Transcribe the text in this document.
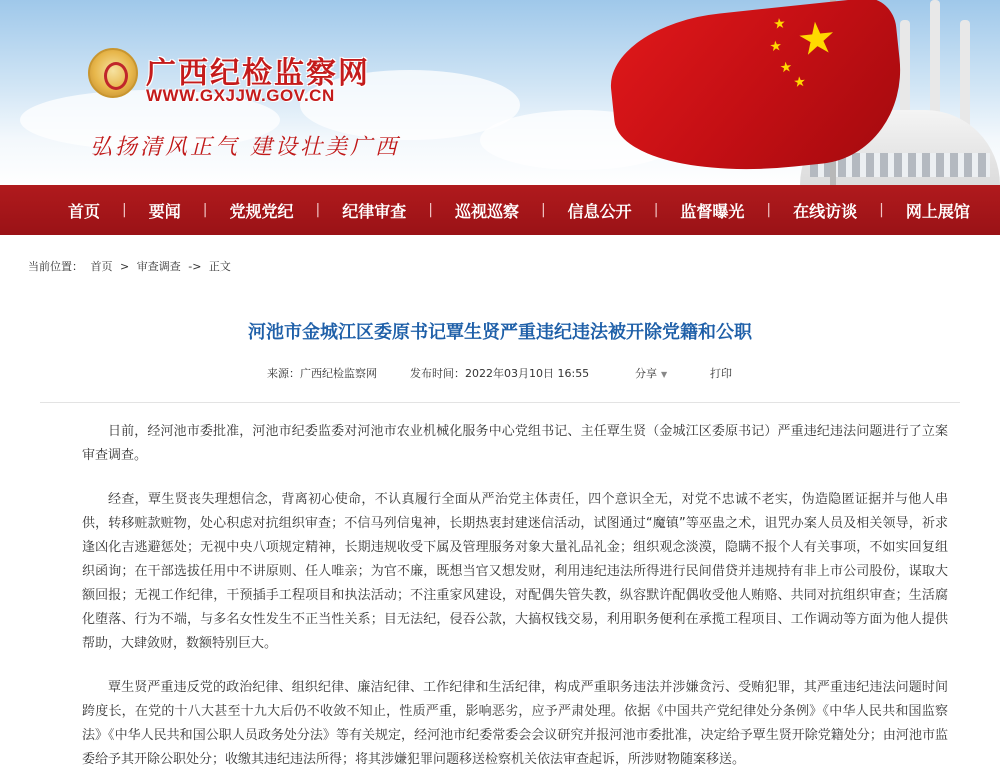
广西纪检监察网
WWW.GXJJW.GOV.CN
弘扬清风正气 建设壮美广西
★
★
★
★
★
首页	|	要闻	|	党规党纪	|	纪律审查	|	巡视巡察	|	信息公开	|	监督曝光	|	在线访谈	|	网上展馆
当前位置： 首页 > 审查调查 -> 正文
河池市金城江区委原书记覃生贤严重违纪违法被开除党籍和公职
来源：广西纪检监察网	发布时间：2022年03月10日 16:55	分享 ▼	打印

日前，经河池市委批准，河池市纪委监委对河池市农业机械化服务中心党组书记、主任覃生贤（金城江区委原书记）严重违纪违法问题进行了立案审查调查。

经查，覃生贤丧失理想信念，背离初心使命，不认真履行全面从严治党主体责任，四个意识全无，对党不忠诚不老实，伪造隐匿证据并与他人串供，转移赃款赃物，处心积虑对抗组织审查；不信马列信鬼神，长期热衷封建迷信活动，试图通过“魔镇”等巫蛊之术，诅咒办案人员及相关领导，祈求逢凶化吉逃避惩处；无视中央八项规定精神，长期违规收受下属及管理服务对象大量礼品礼金；组织观念淡漠，隐瞒不报个人有关事项，不如实回复组织函询；在干部选拔任用中不讲原则、任人唯亲；为官不廉，既想当官又想发财，利用违纪违法所得进行民间借贷并违规持有非上市公司股份，谋取大额回报；无视工作纪律，干预插手工程项目和执法活动；不注重家风建设，对配偶失管失教，纵容默许配偶收受他人贿赂、共同对抗组织审查；生活腐化堕落、行为不端，与多名女性发生不正当性关系；目无法纪，侵吞公款，大搞权钱交易，利用职务便利在承揽工程项目、工作调动等方面为他人提供帮助，大肆敛财，数额特别巨大。

覃生贤严重违反党的政治纪律、组织纪律、廉洁纪律、工作纪律和生活纪律，构成严重职务违法并涉嫌贪污、受贿犯罪，其严重违纪违法问题时间跨度长，在党的十八大甚至十九大后仍不收敛不知止，性质严重，影响恶劣，应予严肃处理。依据《中国共产党纪律处分条例》《中华人民共和国监察法》《中华人民共和国公职人员政务处分法》等有关规定，经河池市纪委常委会会议研究并报河池市委批准，决定给予覃生贤开除党籍处分；由河池市监委给予其开除公职处分；收缴其违纪违法所得；将其涉嫌犯罪问题移送检察机关依法审查起诉，所涉财物随案移送。
